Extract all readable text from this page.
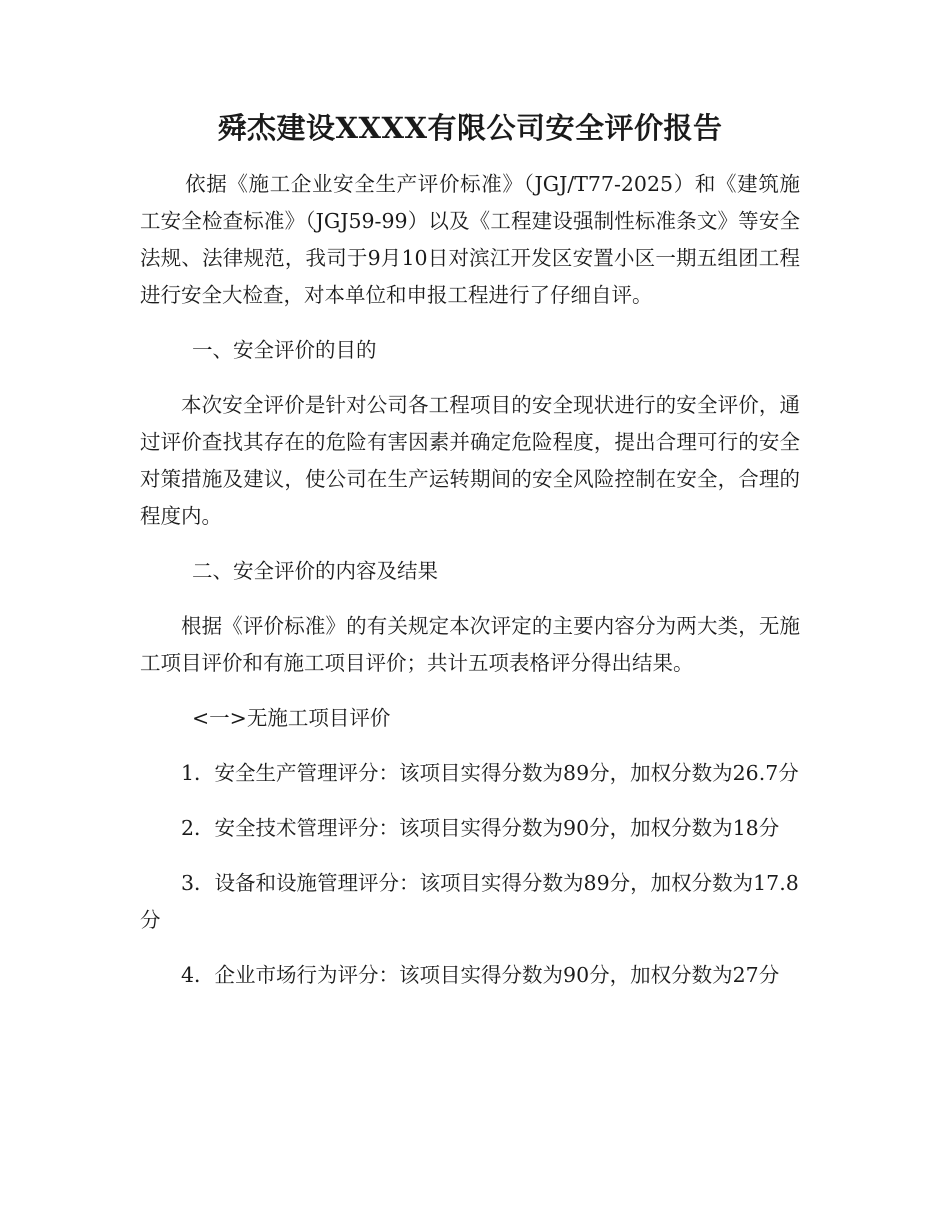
舜杰建设XXXX有限公司安全评价报告

依据《施工企业安全生产评价标准》（JGJ/T77-2025）和《建筑施工安全检查标准》（JGJ59-99）以及《工程建设强制性标准条文》等安全法规、法律规范，我司于9月10日对滨江开发区安置小区一期五组团工程进行安全大检查，对本单位和申报工程进行了仔细自评。

一、安全评价的目的

本次安全评价是针对公司各工程项目的安全现状进行的安全评价，通过评价查找其存在的危险有害因素并确定危险程度，提出合理可行的安全对策措施及建议，使公司在生产运转期间的安全风险控制在安全，合理的程度内。

二、安全评价的内容及结果

根据《评价标准》的有关规定本次评定的主要内容分为两大类，无施工项目评价和有施工项目评价；共计五项表格评分得出结果。

<一>无施工项目评价

1．安全生产管理评分：该项目实得分数为89分，加权分数为26.7分

2．安全技术管理评分：该项目实得分数为90分，加权分数为18分

3．设备和设施管理评分：该项目实得分数为89分，加权分数为17.8分

4．企业市场行为评分：该项目实得分数为90分，加权分数为27分
